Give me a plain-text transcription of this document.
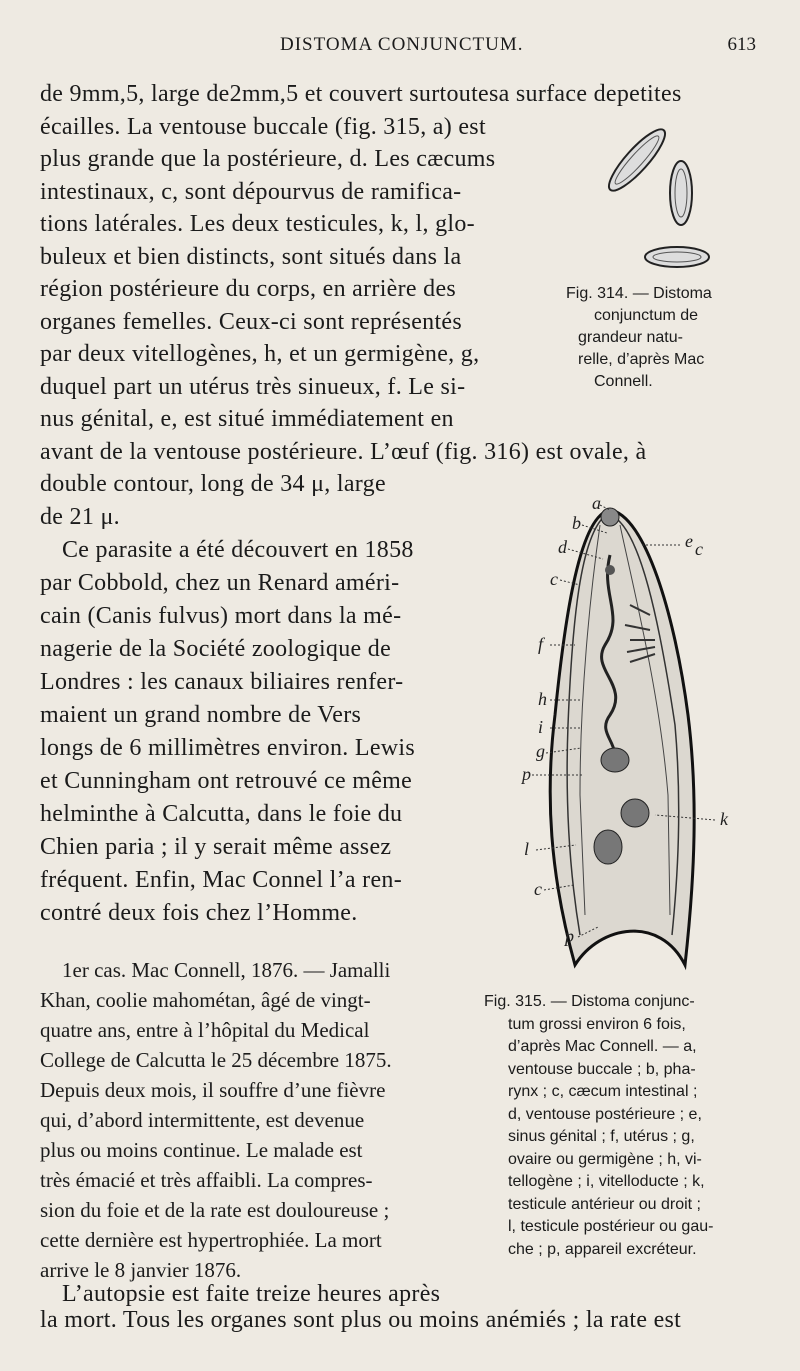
DISTOMA CONJUNCTUM.	613
de 9mm,5, large de2mm,5 et couvert surtoutesa surface depetites
écailles. La ventouse buccale (fig. 315, a) est
plus grande que la postérieure, d. Les cæcums
intestinaux, c, sont dépourvus de ramifica-
tions latérales. Les deux testicules, k, l, glo-
buleux et bien distincts, sont situés dans la
région postérieure du corps, en arrière des
organes femelles. Ceux-ci sont représentés
par deux vitellogènes, h, et un germigène, g,
duquel part un utérus très sinueux, f. Le si-
nus génital, e, est situé immédiatement en
avant de la ventouse postérieure. L’œuf (fig. 316) est ovale, à
double contour, long de 34 μ, large
de 21 μ.
Ce parasite a été découvert en 1858
par Cobbold, chez un Renard améri-
cain (Canis fulvus) mort dans la mé-
nagerie de la Société zoologique de
Londres : les canaux biliaires renfer-
maient un grand nombre de Vers
longs de 6 millimètres environ. Lewis
et Cunningham ont retrouvé ce même
helminthe à Calcutta, dans le foie du
Chien paria ; il y serait même assez
fréquent. Enfin, Mac Connel l’a ren-
contré deux fois chez l’Homme.
1er cas. Mac Connell, 1876. — Jamalli
Khan, coolie mahométan, âgé de vingt-
quatre ans, entre à l’hôpital du Medical
College de Calcutta le 25 décembre 1875.
Depuis deux mois, il souffre d’une fièvre
qui, d’abord intermittente, est devenue
plus ou moins continue. Le malade est
très émacié et très affaibli. La compres-
sion du foie et de la rate est douloureuse ;
cette dernière est hypertrophiée. La mort
arrive le 8 janvier 1876.
L’autopsie est faite treize heures après
la mort. Tous les organes sont plus ou moins anémiés ; la rate est

Fig. 314. — Distoma

conjunctum de

grandeur natu-

relle, d’après Mac

Connell.

a
b
d	e c
c
f
h
i
g
p
k
l
c
p

Fig. 315. — Distoma conjunc-

tum grossi environ 6 fois,

d’après Mac Connell. — a,

ventouse buccale ; b, pha-

rynx ; c, cæcum intestinal ;

d, ventouse postérieure ; e,

sinus génital ; f, utérus ; g,

ovaire ou germigène ; h, vi-

tellogène ; i, vitelloducte ; k,

testicule antérieur ou droit ;

l, testicule postérieur ou gau-

che ; p, appareil excréteur.
